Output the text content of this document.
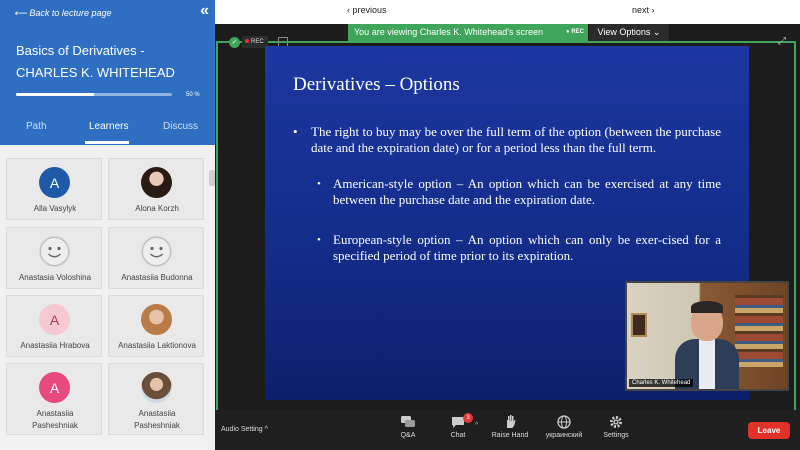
⟵ Back to lecture page	«
Basics of Derivatives -
CHARLES K. WHITEHEAD
50 %
Path	Learners	Discuss
A
Alla Vasylyk	Alona Korzh
Anastasia Voloshina	Anastasiia Budonna
A
Anastasiia Hrabova	Anastasiia Laktionova
A
Anastasiia
Pasheshniak
Anastasiia
Pasheshniak
‹ previous	next ›
You are viewing Charles K. Whitehead's screen	● REC	View Options ⌄
✓	REC	⤢
Derivatives – Options
• The right to buy may be over the full term of the option (between the purchase date and the expiration date) or for a period less than the full term.
• American-style option – An option which can be exercised at any time between the purchase date and the expiration date.
• European-style option – An option which can only be exer-cised for a specified period of time prior to its expiration.
Charles K. Whitehead
Audio Setting ^
Q&A
3
Chat
^
Raise Hand	украинский	Settings
Leave
